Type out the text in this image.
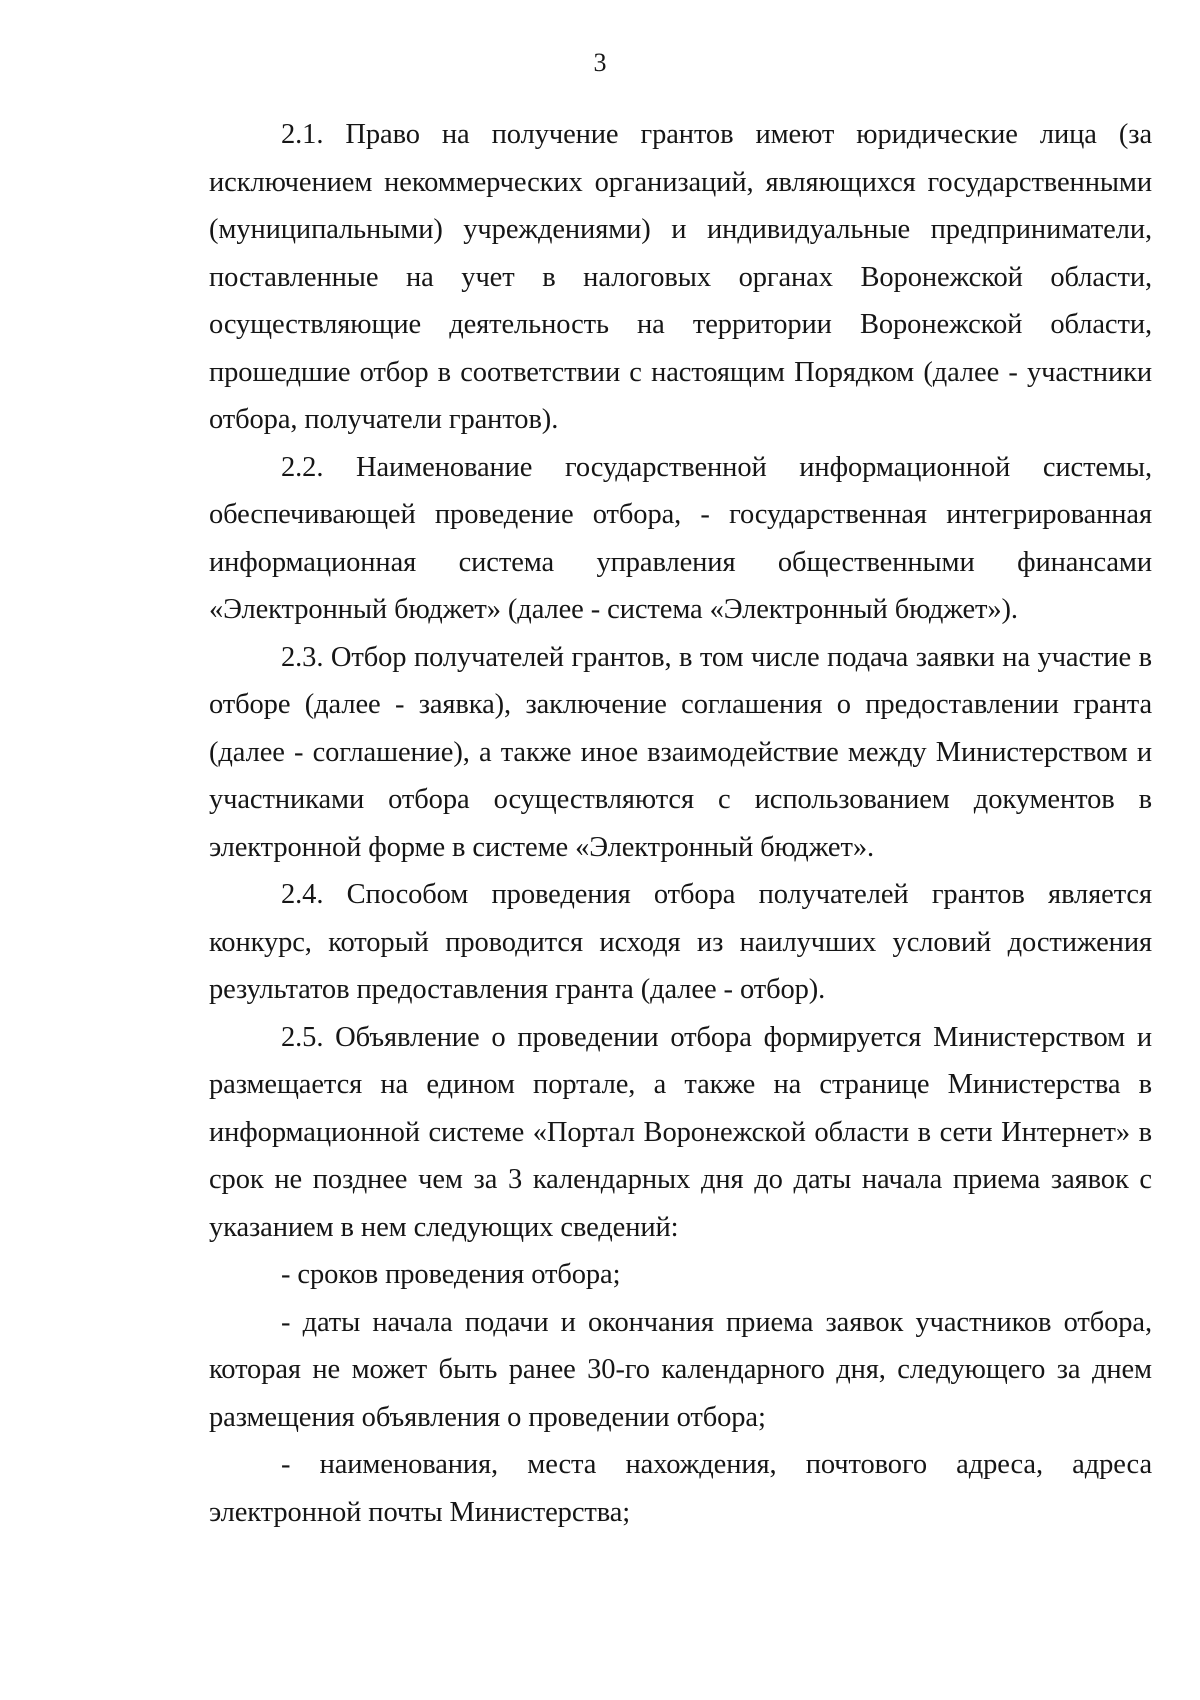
3

2.1. Право на получение грантов имеют юридические лица (за исключением некоммерческих организаций, являющихся государственными (муниципальными) учреждениями) и индивидуальные предприниматели, поставленные на учет в налоговых органах Воронежской области, осуществляющие деятельность на территории Воронежской области, прошедшие отбор в соответствии с настоящим Порядком (далее - участники отбора, получатели грантов).

2.2. Наименование государственной информационной системы, обеспечивающей проведение отбора, - государственная интегрированная информационная система управления общественными финансами «Электронный бюджет» (далее - система «Электронный бюджет»).

2.3. Отбор получателей грантов, в том числе подача заявки на участие в отборе (далее - заявка), заключение соглашения о предоставлении гранта (далее - соглашение), а также иное взаимодействие между Министерством и участниками отбора осуществляются с использованием документов в электронной форме в системе «Электронный бюджет».

2.4. Способом проведения отбора получателей грантов является конкурс, который проводится исходя из наилучших условий достижения результатов предоставления гранта (далее - отбор).

2.5. Объявление о проведении отбора формируется Министерством и размещается на едином портале, а также на странице Министерства в информационной системе «Портал Воронежской области в сети Интернет» в срок не позднее чем за 3 календарных дня до даты начала приема заявок с указанием в нем следующих сведений:

- сроков проведения отбора;

- даты начала подачи и окончания приема заявок участников отбора, которая не может быть ранее 30-го календарного дня, следующего за днем размещения объявления о проведении отбора;

- наименования, места нахождения, почтового адреса, адреса электронной почты Министерства;
